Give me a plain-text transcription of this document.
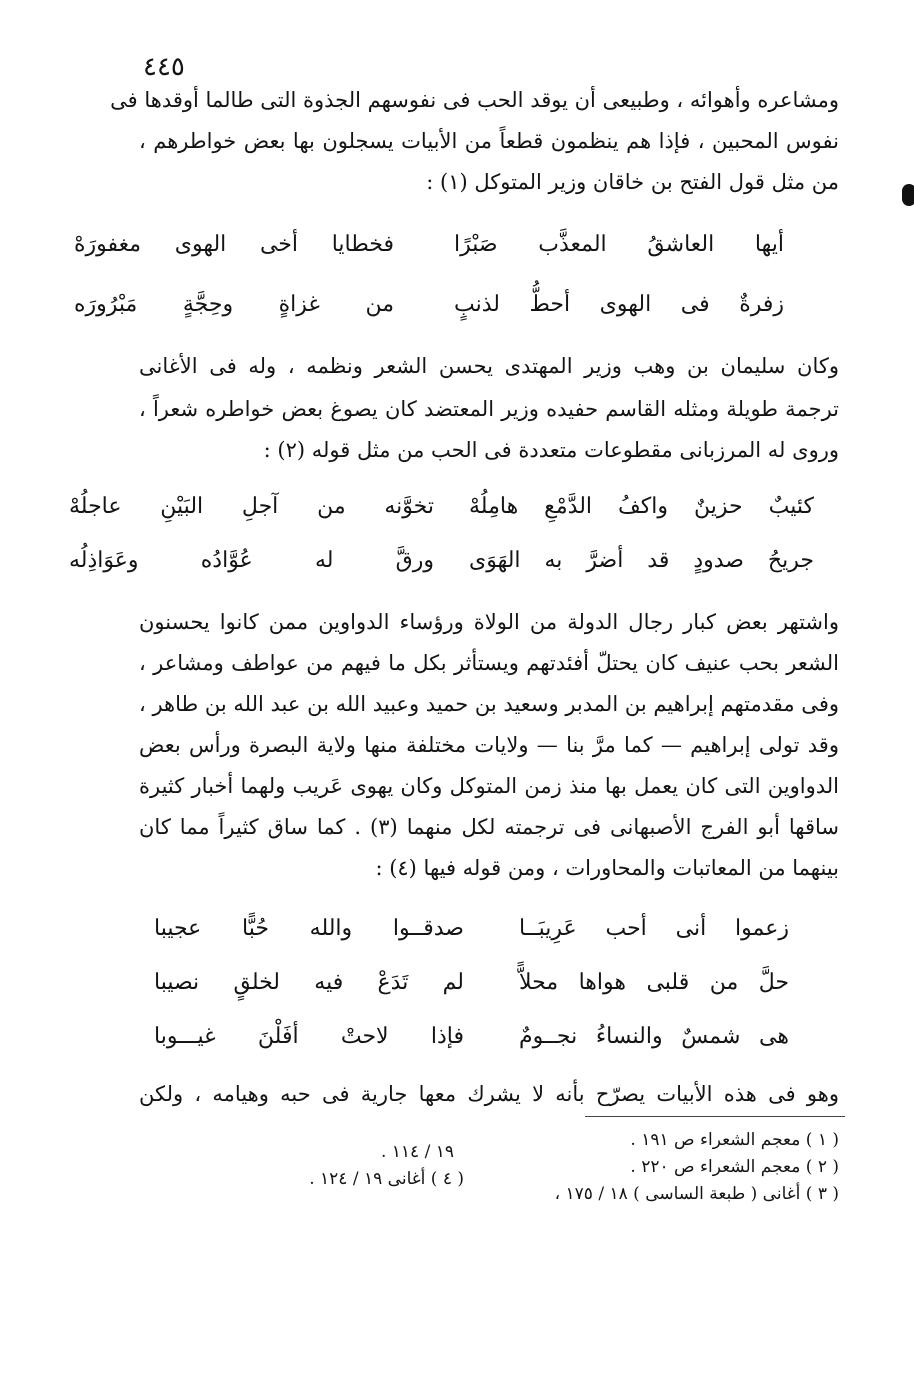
٤٤٥
ومشاعره وأهوائه ، وطبيعى أن يوقد الحب فى نفوسهم الجذوة التى طالما أوقدها فى
نفوس المحبين ، فإذا هم ينظمون قطعاً من الأبيات يسجلون بها بعض خواطرهم ،
من مثل قول الفتح بن خاقان وزير المتوكل (١) :
أيها العاشقُ المعذَّب صَبْرًا
فخطايا أخى الهوى مغفورَهْ
زفرةٌ فى الهوى أحطُّ لذنبٍ
من غزاةٍ وحِجَّةٍ مَبْرُورَه
وكان سليمان بن وهب وزير المهتدى يحسن الشعر ونظمه ، وله فى الأغانى
ترجمة طويلة ومثله القاسم حفيده وزير المعتضد كان يصوغ بعض خواطره شعراً ،
وروى له المرزبانى مقطوعات متعددة فى الحب من مثل قوله (٢) :
كئيبٌ حزينٌ واكفُ الدَّمْعِ هامِلُهْ
تخوَّنه من آجلِ البَيْنِ عاجلُهْ
جريحُ صدودٍ قد أضرَّ به الهَوَى
ورقَّ له عُوَّادُه وعَوَاذِلُه
واشتهر بعض كبار رجال الدولة من الولاة ورؤساء الدواوين ممن كانوا يحسنون
الشعر بحب عنيف كان يحتلّ أفئدتهم ويستأثر بكل ما فيهم من عواطف ومشاعر ،
وفى مقدمتهم إبراهيم بن المدبر وسعيد بن حميد وعبيد الله بن عبد الله بن طاهر ،
وقد تولى إبراهيم — كما مرَّ بنا — ولايات مختلفة منها ولاية البصرة ورأس بعض
الدواوين التى كان يعمل بها منذ زمن المتوكل وكان يهوى عَريب ولهما أخبار كثيرة
ساقها أبو الفرج الأصبهانى فى ترجمته لكل منهما (٣) . كما ساق كثيراً مما كان
بينهما من المعاتبات والمحاورات ، ومن قوله فيها (٤) :
زعموا أنى أحب عَرِيبَــا
صدقــوا والله حُبًّا عجيبا
حلَّ من قلبى هواها محلاًّ
لم تَدَعْ فيه لخلقٍ نصيبا
هى شمسٌ والنساءُ نجــومٌ
فإذا لاحتْ أفَلْنَ غيـــوبا
وهو فى هذه الأبيات يصرّح بأنه لا يشرك معها جارية فى حبه وهيامه ، ولكن
( ١ ) معجم الشعراء ص ١٩١ .
( ٢ ) معجم الشعراء ص ٢٢٠ .
( ٣ ) أغانى ( طبعة الساسى ) ١٨ / ١٧٥ ،
١٩ / ١١٤ .
( ٤ ) أغانى ١٩ / ١٢٤ .
